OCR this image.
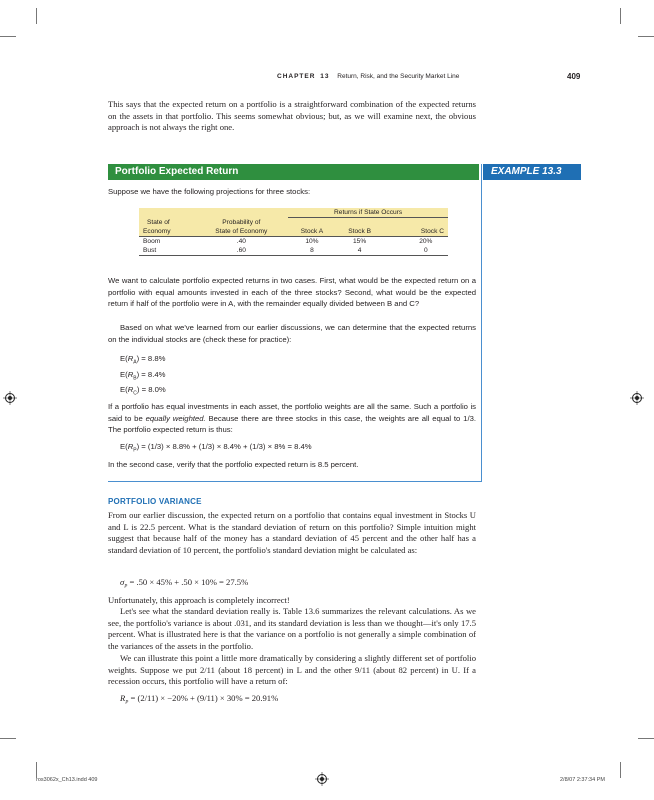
CHAPTER 13 Return, Risk, and the Security Market Line	409
This says that the expected return on a portfolio is a straightforward combination of the expected returns on the assets in that portfolio. This seems somewhat obvious; but, as we will examine next, the obvious approach is not always the right one.
Portfolio Expected Return	EXAMPLE 13.3
Suppose we have the following projections for three stocks:
		Returns if State Occurs		
State of	Probability of			
Economy	State of Economy	Stock A	Stock B	Stock C
Boom	.40	10%	15%	20%
Bust	.60	8	4	0
We want to calculate portfolio expected returns in two cases. First, what would be the expected return on a portfolio with equal amounts invested in each of the three stocks? Second, what would be the expected return if half of the portfolio were in A, with the remainder equally divided between B and C?
Based on what we've learned from our earlier discussions, we can determine that the expected returns on the individual stocks are (check these for practice):
$E(R_A) = 8.8\%$
$E(R_B) = 8.4\%$
$E(R_C) = 8.0\%$
If a portfolio has equal investments in each asset, the portfolio weights are all the same. Such a portfolio is said to be equally weighted. Because there are three stocks in this case, the weights are all equal to 1/3. The portfolio expected return is thus:
$E(R_P) = (1/3) \times 8.8\% + (1/3) \times 8.4\% + (1/3) \times 8\% = 8.4\%$
In the second case, verify that the portfolio expected return is 8.5 percent.
PORTFOLIO VARIANCE
From our earlier discussion, the expected return on a portfolio that contains equal investment in Stocks U and L is 22.5 percent. What is the standard deviation of return on this portfolio? Simple intuition might suggest that because half of the money has a standard deviation of 45 percent and the other half has a standard deviation of 10 percent, the portfolio's standard deviation might be calculated as:
$\sigma_P = .50 \times 45\% + .50 \times 10\% = 27.5\%$
Unfortunately, this approach is completely incorrect!
Let's see what the standard deviation really is. Table 13.6 summarizes the relevant calculations. As we see, the portfolio's variance is about .031, and its standard deviation is less than we thought—it's only 17.5 percent. What is illustrated here is that the variance on a portfolio is not generally a simple combination of the variances of the assets in the portfolio.
We can illustrate this point a little more dramatically by considering a slightly different set of portfolio weights. Suppose we put 2/11 (about 18 percent) in L and the other 9/11 (about 82 percent) in U. If a recession occurs, this portfolio will have a return of:
$R_P = (2/11) \times -20\% + (9/11) \times 30\% = 20.91\%$
ros3062x_Ch13.indd 409	2/8/07 2:37:34 PM
